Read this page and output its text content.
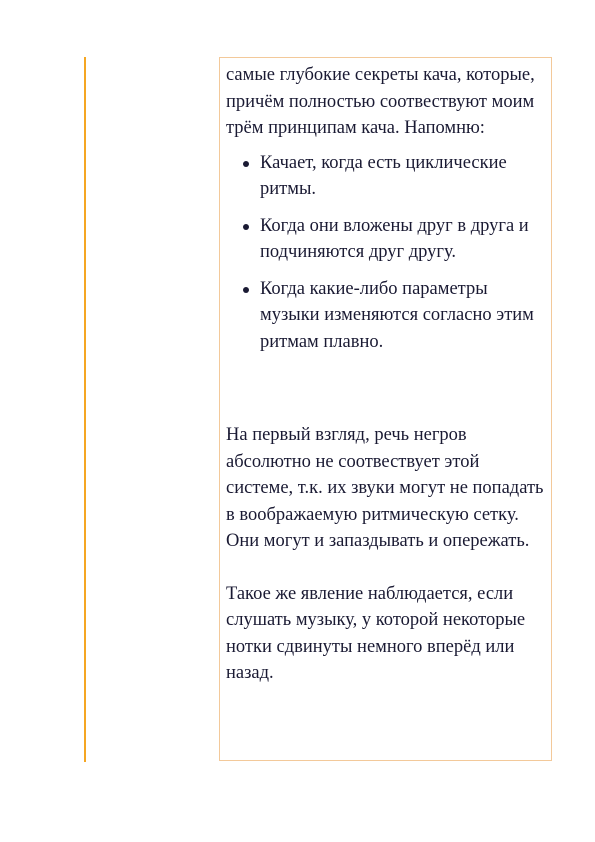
самые глубокие секреты кача, которые, причём полностью соотвествуют моим трём принципам кача. Напомню:

Качает, когда есть циклические ритмы.
Когда они вложены друг в друга и подчиняются друг другу.
Когда какие-либо параметры музыки изменяются согласно этим ритмам плавно.

На первый взгляд, речь негров абсолютно не соотвествует этой системе, т.к. их звуки могут не попадать в воображаемую ритмическую сетку. Они могут и запаздывать и опережать.

Такое же явление наблюдается, если слушать музыку, у которой некоторые нотки сдвинуты немного вперёд или назад.
